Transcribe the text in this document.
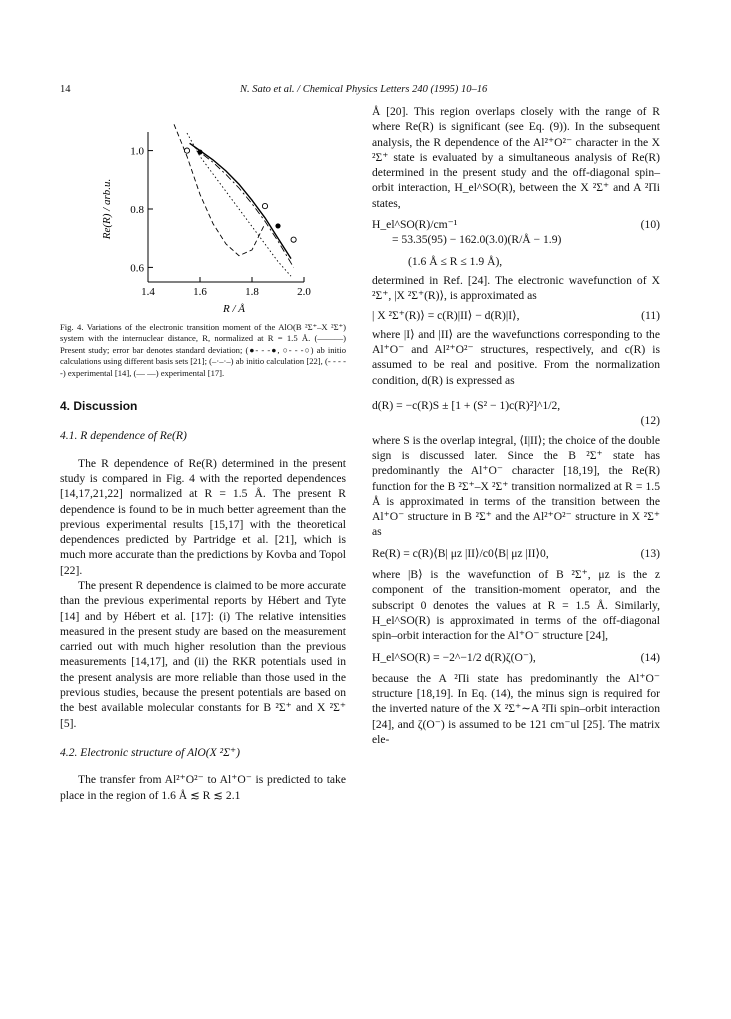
14	N. Sato et al. / Chemical Physics Letters 240 (1995) 10–16
1.4	1.6	1.8	2.0
0.6
0.8
1.0
R / Å
Re(R) / arb.u.

Fig. 4. Variations of the electronic transition moment of the AlO(B ²Σ⁺–X ²Σ⁺) system with the internuclear distance, R, normalized at R = 1.5 Å. (———) Present study; error bar denotes standard deviation; (●- - -●, ○- - -○) ab initio calculations using different basis sets [21]; (–·–·–) ab initio calculation [22], (- - - - -) experimental [14], (–– ––) experimental [17].

4. Discussion

4.1. R dependence of Re(R)

The R dependence of Re(R) determined in the present study is compared in Fig. 4 with the reported dependences [14,17,21,22] normalized at R = 1.5 Å. The present R dependence is found to be in much better agreement than the previous experimental results [15,17] with the theoretical dependences predicted by Partridge et al. [21], which is much more accurate than the predictions by Kovba and Topol [22].

The present R dependence is claimed to be more accurate than the previous experimental reports by Hébert and Tyte [14] and by Hébert et al. [17]: (i) The relative intensities measured in the present study are based on the measurement carried out with much higher resolution than the previous measurements [14,17], and (ii) the RKR potentials used in the present analysis are more reliable than those used in the previous studies, because the present potentials are based on the best available molecular constants for B ²Σ⁺ and X ²Σ⁺ [5].

4.2. Electronic structure of AlO(X ²Σ⁺)

The transfer from Al²⁺O²⁻ to Al⁺O⁻ is predicted to take place in the region of 1.6 Å ≲ R ≲ 2.1

Å [20]. This region overlaps closely with the range of R where Re(R) is significant (see Eq. (9)). In the subsequent analysis, the R dependence of the Al²⁺O²⁻ character in the X ²Σ⁺ state is evaluated by a simultaneous analysis of Re(R) determined in the present study and the off-diagonal spin–orbit interaction, H_el^SO(R), between the X ²Σ⁺ and A ²Πi states,

H_el^SO(R)/cm⁻¹
= 53.35(95) − 162.0(3.0)(R/Å − 1.9)
(1.6 Å ≤ R ≤ 1.9 Å),
(10)

determined in Ref. [24]. The electronic wavefunction of X ²Σ⁺, |X ²Σ⁺(R)⟩, is approximated as

| X ²Σ⁺(R)⟩ = c(R)|II⟩ − d(R)|I⟩,	(11)

where |I⟩ and |II⟩ are the wavefunctions corresponding to the Al⁺O⁻ and Al²⁺O²⁻ structures, respectively, and c(R) is assumed to be real and positive. From the normalization condition, d(R) is expressed as

d(R) = −c(R)S ± [1 + (S² − 1)c(R)²]^1/2,
(12)

where S is the overlap integral, ⟨I|II⟩; the choice of the double sign is discussed later. Since the B ²Σ⁺ state has predominantly the Al⁺O⁻ character [18,19], the Re(R) function for the B ²Σ⁺–X ²Σ⁺ transition normalized at R = 1.5 Å is approximated in terms of the transition between the Al⁺O⁻ structure in B ²Σ⁺ and the Al²⁺O²⁻ structure in X ²Σ⁺ as

Re(R) = c(R)⟨B| μz |II⟩/c0⟨B| μz |II⟩0,	(13)

where |B⟩ is the wavefunction of B ²Σ⁺, μz is the z component of the transition-moment operator, and the subscript 0 denotes the values at R = 1.5 Å. Similarly, H_el^SO(R) is approximated in terms of the off-diagonal spin–orbit interaction for the Al⁺O⁻ structure [24],

H_el^SO(R) = −2^−1/2 d(R)ζ(O⁻),	(14)

because the A ²Πi state has predominantly the Al⁺O⁻ structure [18,19]. In Eq. (14), the minus sign is required for the inverted nature of the X ²Σ⁺∼A ²Πi spin–orbit interaction [24], and ζ(O⁻) is assumed to be 121 cm⁻ul [25]. The matrix ele-
